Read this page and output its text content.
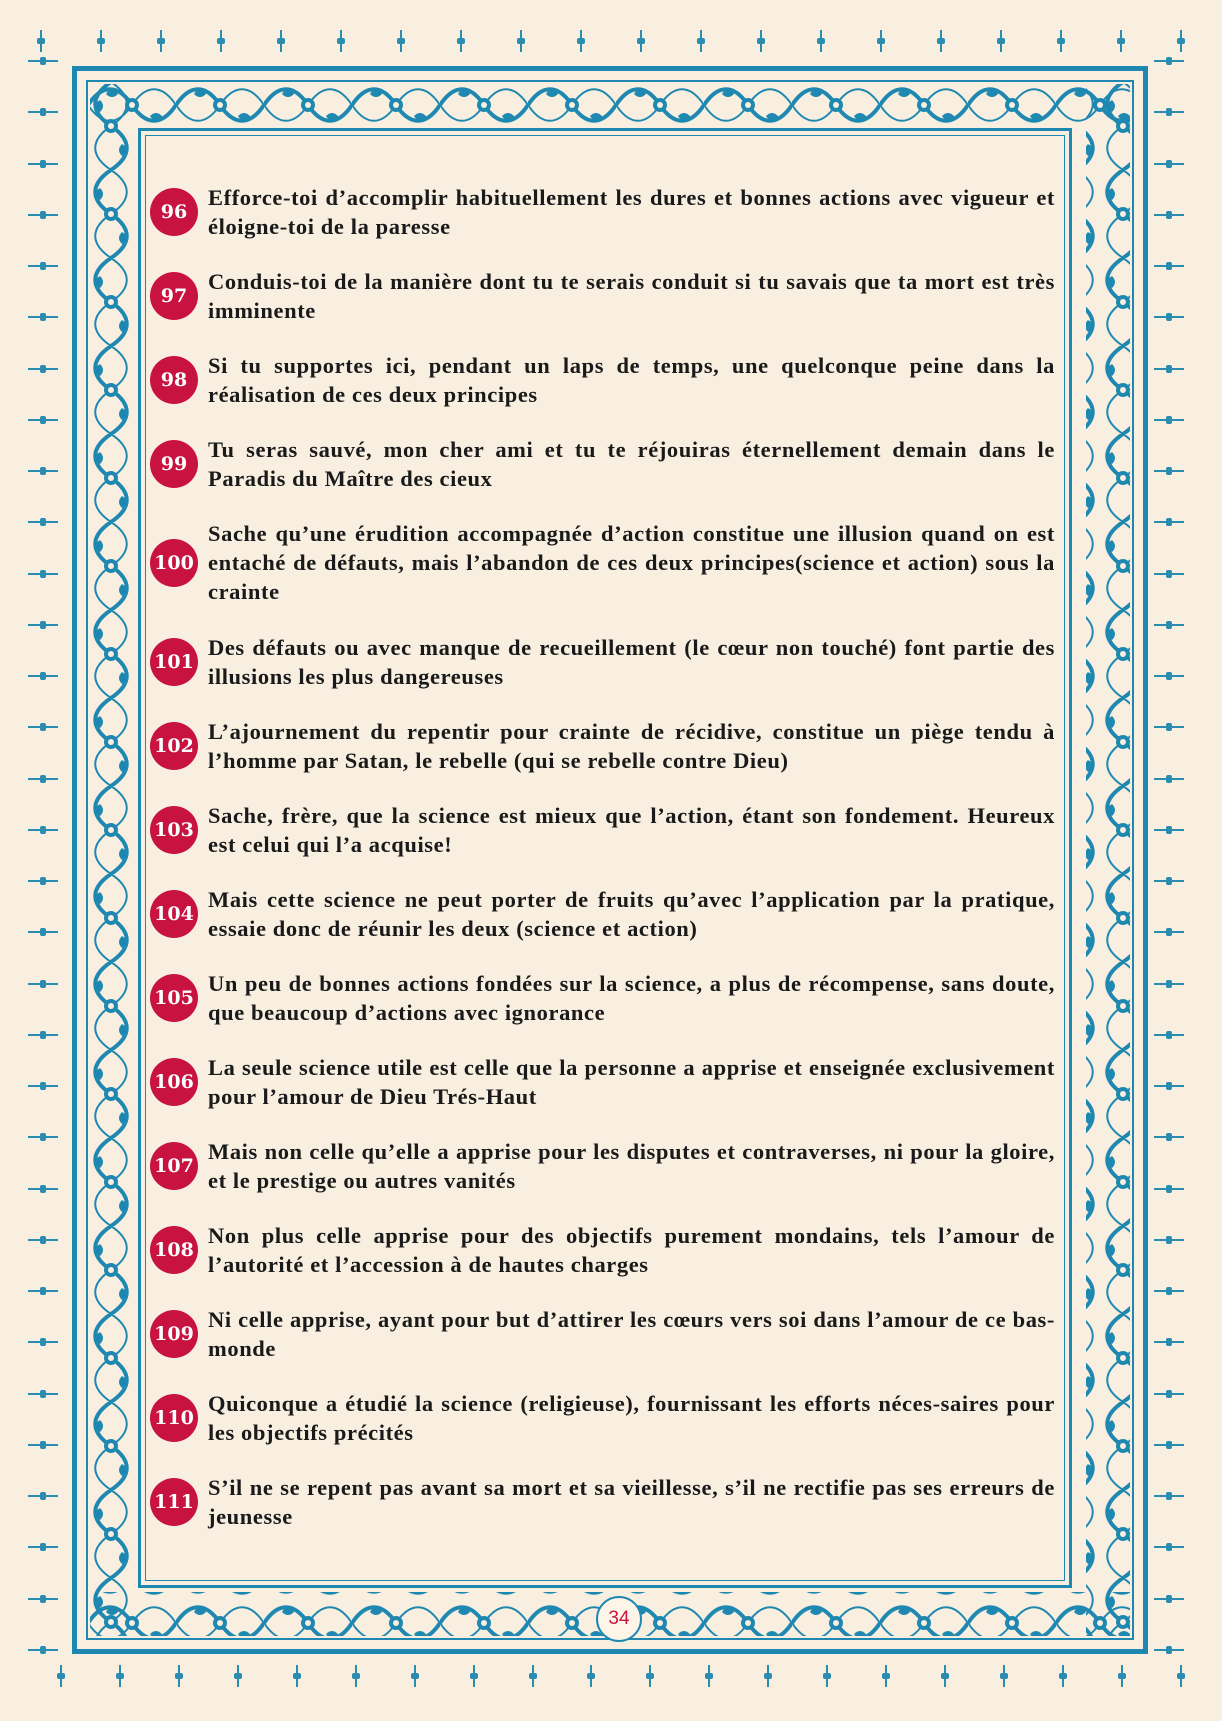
96
Efforce-toi d’accomplir habituellement les dures et bonnes actions avec vigueur et éloigne-toi de la paresse
97
Conduis-toi de la manière dont tu te serais conduit si tu savais que ta mort est très imminente
98
Si tu supportes ici, pendant un laps de temps, une quelconque peine dans la réalisation de ces deux principes
99
Tu seras sauvé, mon cher ami et tu te réjouiras éternellement demain dans le Paradis du Maître des cieux
100
Sache qu’une érudition accompagnée d’action constitue une illusion quand on est entaché de défauts, mais l’abandon de ces deux principes(science et action) sous la crainte
101
Des défauts ou avec manque de recueillement (le cœur non touché) font partie des illusions les plus dangereuses
102
L’ajournement du repentir pour crainte de récidive, constitue un piège tendu à l’homme par Satan, le rebelle (qui se rebelle contre Dieu)
103
Sache, frère, que la science est mieux que l’action, étant son fondement. Heureux est celui qui l’a acquise!
104
Mais cette science ne peut porter de fruits qu’avec l’application par la pratique, essaie donc de réunir les deux (science et action)
105
Un peu de bonnes actions fondées sur la science, a plus de récompense, sans doute, que beaucoup d’actions avec ignorance
106
La seule science utile est celle que la personne a apprise et enseignée exclusivement pour l’amour de Dieu Trés-Haut
107
Mais non celle qu’elle a apprise pour les disputes et contraverses, ni pour la gloire, et le prestige ou autres vanités
108
Non plus celle apprise pour des objectifs purement mondains, tels l’amour de l’autorité et l’accession à de hautes charges
109
Ni celle apprise, ayant pour but d’attirer les cœurs vers soi dans l’amour de ce bas-monde
110
Quiconque a étudié la science (religieuse), fournissant les efforts néces-saires pour les objectifs précités
111
S’il ne se repent pas avant sa mort et sa vieillesse, s’il ne rectifie pas ses erreurs de jeunesse
34
